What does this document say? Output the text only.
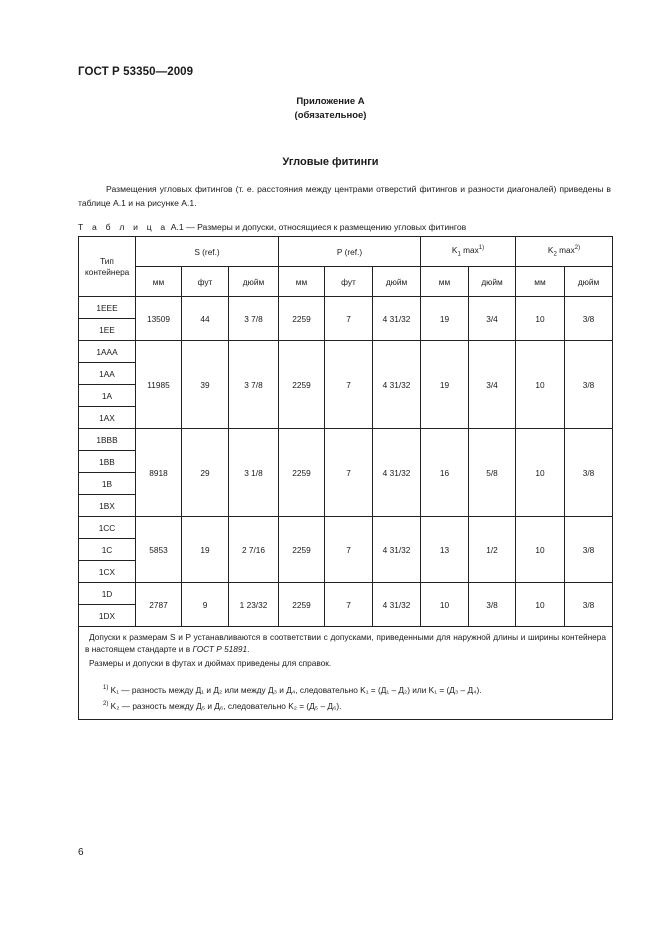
ГОСТ Р 53350—2009
Приложение А
(обязательное)
Угловые фитинги
Размещения угловых фитингов (т. е. расстояния между центрами отверстий фитингов и разности диагоналей) приведены в таблице А.1 и на рисунке А.1.
Т а б л и ц а А.1 — Размеры и допуски, относящиеся к размещению угловых фитингов
Тип контейнера	S (ref.)			P (ref.)			$K_1$ $\max^{1)}$		$K_2$ $\max^{2)}$
	мм	фут	дюйм	мм	фут	дюйм	мм	дюйм	мм	дюйм
1EEE	13509	44	3 7/8	2259	7	4 31/32	19	3/4	10	3/8
1EE										
1AAA	11985	39	3 7/8	2259	7	4 31/32	19	3/4	10	3/8
1AA										
1A										
1AX										
1BBB	8918	29	3 1/8	2259	7	4 31/32	16	5/8	10	3/8
1BB										
1B										
1BX										
1CC	5853	19	2 7/16	2259	7	4 31/32	13	1/2	10	3/8
1C										
1CX										
1D	2787	9	1 23/32	2259	7	4 31/32	10	3/8	10	3/8
1DX										

Допуски к размерам S и P устанавливаются в соответствии с допусками, приведенными для наружной длины и ширины контейнера в настоящем стандарте и в ГОСТ Р 51891.

Размеры и допуски в футах и дюймах приведены для справок.

$^{1)}$ K₁ — разность между Д₁ и Д₂ или между Д₃ и Д₄, следовательно K₁ = (Д₁ – Д₂) или K₁ = (Д₃ – Д₄).

$^{2)}$ K₂ — разность между Д₅ и Д₆, следовательно K₂ = (Д₅ – Д₆).										

6
